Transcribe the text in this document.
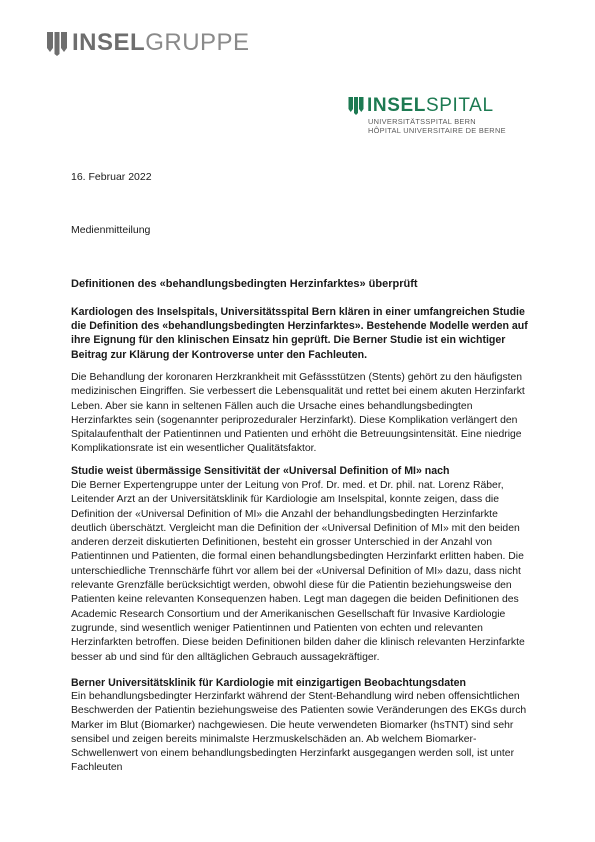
INSELGRUPPE
INSELSPITAL
UNIVERSITÄTSSPITAL BERN
HÔPITAL UNIVERSITAIRE DE BERNE
16. Februar 2022
Medienmitteilung
Definitionen des «behandlungsbedingten Herzinfarktes» überprüft

Kardiologen des Inselspitals, Universitätsspital Bern klären in einer umfangreichen Studie die Definition des «behandlungsbedingten Herzinfarktes». Bestehende Modelle werden auf ihre Eignung für den klinischen Einsatz hin geprüft. Die Berner Studie ist ein wichtiger Beitrag zur Klärung der Kontroverse unter den Fachleuten.

Die Behandlung der koronaren Herzkrankheit mit Gefässstützen (Stents) gehört zu den häufigsten medizinischen Eingriffen. Sie verbessert die Lebensqualität und rettet bei einem akuten Herzinfarkt Leben. Aber sie kann in seltenen Fällen auch die Ursache eines behandlungsbedingten Herzinfarktes sein (sogenannter periprozeduraler Herzinfarkt). Diese Komplikation verlängert den Spitalaufenthalt der Patientinnen und Patienten und erhöht die Betreuungsintensität. Eine niedrige Komplikationsrate ist ein wesentlicher Qualitätsfaktor.

Studie weist übermässige Sensitivität der «Universal Definition of MI» nach

Die Berner Expertengruppe unter der Leitung von Prof. Dr. med. et Dr. phil. nat. Lorenz Räber, Leitender Arzt an der Universitätsklinik für Kardiologie am Inselspital, konnte zeigen, dass die Definition der «Universal Definition of MI» die Anzahl der behandlungsbedingten Herzinfarkte deutlich überschätzt. Vergleicht man die Definition der «Universal Definition of MI» mit den beiden anderen derzeit diskutierten Definitionen, besteht ein grosser Unterschied in der Anzahl von Patientinnen und Patienten, die formal einen behandlungsbedingten Herzinfarkt erlitten haben. Die unterschiedliche Trennschärfe führt vor allem bei der «Universal Definition of MI» dazu, dass nicht relevante Grenzfälle berücksichtigt werden, obwohl diese für die Patientin beziehungsweise den Patienten keine relevanten Konsequenzen haben. Legt man dagegen die beiden Definitionen des Academic Research Consortium und der Amerikanischen Gesellschaft für Invasive Kardiologie zugrunde, sind wesentlich weniger Patientinnen und Patienten von echten und relevanten Herzinfarkten betroffen. Diese beiden Definitionen bilden daher die klinisch relevanten Herzinfarkte besser ab und sind für den alltäglichen Gebrauch aussagekräftiger.

Berner Universitätsklinik für Kardiologie mit einzigartigen Beobachtungsdaten

Ein behandlungsbedingter Herzinfarkt während der Stent-Behandlung wird neben offensichtlichen Beschwerden der Patientin beziehungsweise des Patienten sowie Veränderungen des EKGs durch Marker im Blut (Biomarker) nachgewiesen. Die heute verwendeten Biomarker (hsTNT) sind sehr sensibel und zeigen bereits minimalste Herzmuskelschäden an. Ab welchem Biomarker-Schwellenwert von einem behandlungsbedingten Herzinfarkt ausgegangen werden soll, ist unter Fachleuten
